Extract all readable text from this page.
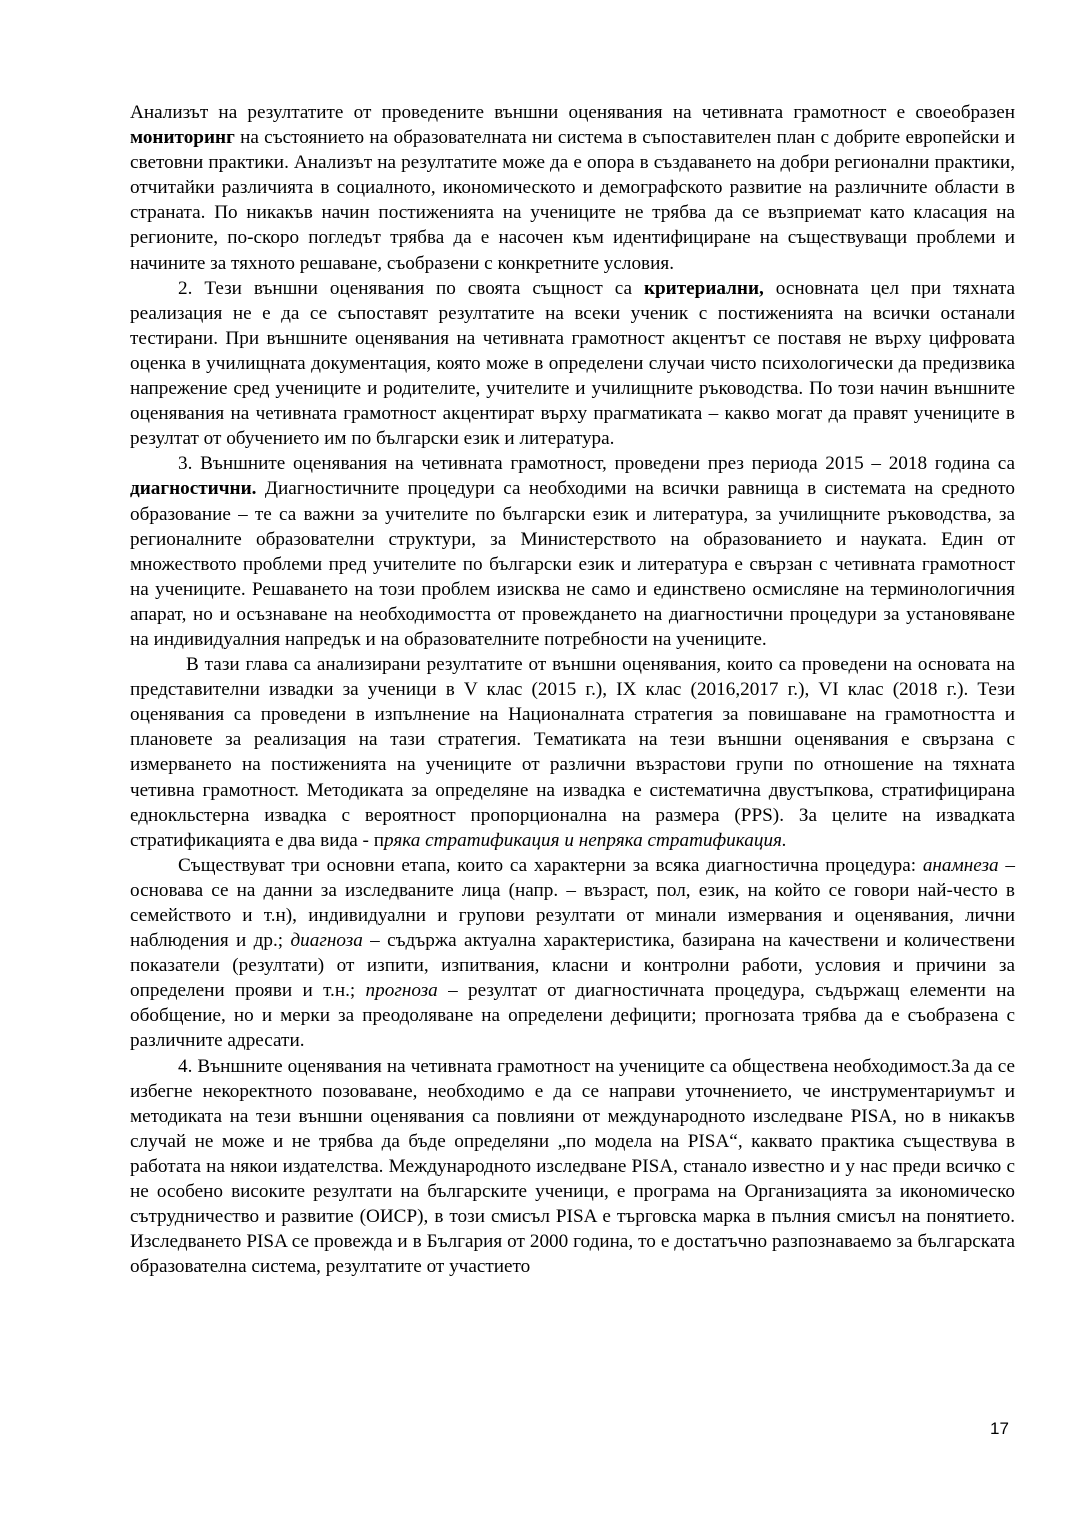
Анализът на резултатите от проведените външни оценявания на четивната грамотност е своеобразен мониторинг на състоянието на образователната ни система в съпоставителен план с добрите европейски и световни практики. Анализът на резултатите може да е опора в създаването на добри регионални практики, отчитайки различията в социалното, икономическото и демографското развитие на различните области в страната. По никакъв начин постиженията на учениците не трябва да се възприемат като класация на регионите, по-скоро погледът трябва да е насочен към идентифициране на съществуващи проблеми и начините за тяхното решаване, съобразени с конкретните условия.

2. Тези външни оценявания по своята същност са критериални, основната цел при тяхната реализация не е да се съпоставят резултатите на всеки ученик с постиженията на всички останали тестирани. При външните оценявания на четивната грамотност акцентът се поставя не върху цифровата оценка в училищната документация, която може в определени случаи чисто психологически да предизвика напрежение сред учениците и родителите, учителите и училищните ръководства. По този начин външните оценявания на четивната грамотност акцентират върху прагматиката – какво могат да правят учениците в резултат от обучението им по български език и литература.

3. Външните оценявания на четивната грамотност, проведени през периода 2015 – 2018 година са диагностични. Диагностичните процедури са необходими на всички равнища в системата на средното образование – те са важни за учителите по български език и литература, за училищните ръководства, за регионалните образователни структури, за Министерството на образованието и науката. Един от множеството проблеми пред учителите по български език и литература е свързан с четивната грамотност на учениците. Решаването на този проблем изисква не само и единствено осмисляне на терминологичния апарат, но и осъзнаване на необходимостта от провеждането на диагностични процедури за установяване на индивидуалния напредък и на образователните потребности на учениците.

В тази глава са анализирани резултатите от външни оценявания, които са проведени на основата на представителни извадки за ученици в V клас (2015 г.), IX клас (2016,2017 г.), VI клас (2018 г.). Тези оценявания са проведени в изпълнение на Националната стратегия за повишаване на грамотността и плановете за реализация на тази стратегия. Тематиката на тези външни оценявания е свързана с измерването на постиженията на учениците от различни възрастови групи по отношение на тяхната четивна грамотност. Методиката за определяне на извадка е систематична двустъпкова, стратифицирана еднокльстерна извадка с вероятност пропорционална на размера (PPS). За целите на извадката стратификацията е два вида - пряка стратификация и непряка стратификация.

Съществуват три основни етапа, които са характерни за всяка диагностична процедура: анамнеза – основава се на данни за изследваните лица (напр. – възраст, пол, език, на който се говори най-често в семейството и т.н), индивидуални и групови резултати от минали измервания и оценявания, лични наблюдения и др.; диагноза – съдържа актуална характеристика, базирана на качествени и количествени показатели (резултати) от изпити, изпитвания, класни и контролни работи, условия и причини за определени прояви и т.н.; прогноза – резултат от диагностичната процедура, съдържащ елементи на обобщение, но и мерки за преодоляване на определени дефицити; прогнозата трябва да е съобразена с различните адресати.

4. Външните оценявания на четивната грамотност на учениците са обществена необходимост.За да се избегне некоректното позоваване, необходимо е да се направи уточнението, че инструментариумът и методиката на тези външни оценявания са повлияни от международното изследване PISA, но в никакъв случай не може и не трябва да бъде определяни „по модела на PISA“, каквато практика съществува в работата на някои издателства. Международното изследване PISA, станало известно и у нас преди всичко с не особено високите резултати на българските ученици, е програма на Организацията за икономическо сътрудничество и развитие (ОИСР), в този смисъл PISA е търговска марка в пълния смисъл на понятието. Изследването PISA се провежда и в България от 2000 година, то е достатъчно разпознаваемо за българската образователна система, резултатите от участието

17
